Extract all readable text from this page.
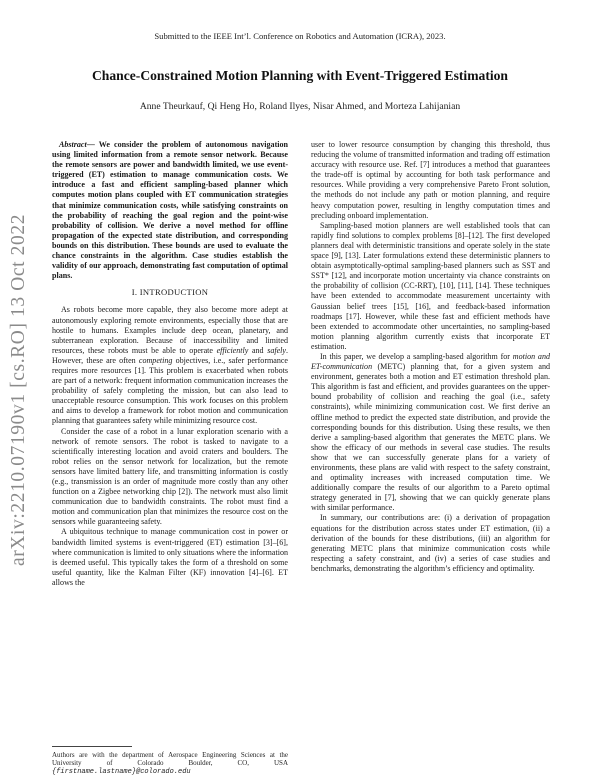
Submitted to the IEEE Int’l. Conference on Robotics and Automation (ICRA), 2023.
Chance-Constrained Motion Planning with Event-Triggered Estimation
Anne Theurkauf, Qi Heng Ho, Roland Ilyes, Nisar Ahmed, and Morteza Lahijanian
arXiv:2210.07190v1 [cs.RO] 13 Oct 2022

Abstract— We consider the problem of autonomous navigation using limited information from a remote sensor network. Because the remote sensors are power and bandwidth limited, we use event-triggered (ET) estimation to manage communication costs. We introduce a fast and efficient sampling-based planner which computes motion plans coupled with ET communication strategies that minimize communication costs, while satisfying constraints on the probability of reaching the goal region and the point-wise probability of collision. We derive a novel method for offline propagation of the expected state distribution, and corresponding bounds on this distribution. These bounds are used to evaluate the chance constraints in the algorithm. Case studies establish the validity of our approach, demonstrating fast computation of optimal plans.

I. INTRODUCTION

As robots become more capable, they also become more adept at autonomously exploring remote environments, especially those that are hostile to humans. Examples include deep ocean, planetary, and subterranean exploration. Because of inaccessibility and limited resources, these robots must be able to operate efficiently and safely. However, these are often competing objectives, i.e., safer performance requires more resources [1]. This problem is exacerbated when robots are part of a network: frequent information communication increases the probability of safely completing the mission, but can also lead to unacceptable resource consumption. This work focuses on this problem and aims to develop a framework for robot motion and communication planning that guarantees safety while minimizing resource cost.

Consider the case of a robot in a lunar exploration scenario with a network of remote sensors. The robot is tasked to navigate to a scientifically interesting location and avoid craters and boulders. The robot relies on the sensor network for localization, but the remote sensors have limited battery life, and transmitting information is costly (e.g., transmission is an order of magnitude more costly than any other function on a Zigbee networking chip [2]). The network must also limit communication due to bandwidth constraints. The robot must find a motion and communication plan that minimizes the resource cost on the sensors while guaranteeing safety.

A ubiquitous technique to manage communication cost in power or bandwidth limited systems is event-triggered (ET) estimation [3]–[6], where communication is limited to only situations where the information is deemed useful. This typically takes the form of a threshold on some useful quantity, like the Kalman Filter (KF) innovation [4]–[6]. ET allows the

Authors are with the department of Aerospace Engineering Sciences at the University of Colorado Boulder, CO, USA {firstname.lastname}@colorado.edu

user to lower resource consumption by changing this threshold, thus reducing the volume of transmitted information and trading off estimation accuracy with resource use. Ref. [7] introduces a method that guarantees the trade-off is optimal by accounting for both task performance and resources. While providing a very comprehensive Pareto Front solution, the methods do not include any path or motion planning, and require heavy computation power, resulting in lengthy computation times and precluding onboard implementation.

Sampling-based motion planners are well established tools that can rapidly find solutions to complex problems [8]–[12]. The first developed planners deal with deterministic transitions and operate solely in the state space [9], [13]. Later formulations extend these deterministic planners to obtain asymptotically-optimal sampling-based planners such as SST and SST* [12], and incorporate motion uncertainty via chance constraints on the probability of collision (CC-RRT), [10], [11], [14]. These techniques have been extended to accommodate measurement uncertainty with Gaussian belief trees [15], [16], and feedback-based information roadmaps [17]. However, while these fast and efficient methods have been extended to accommodate other uncertainties, no sampling-based motion planning algorithm currently exists that incorporate ET estimation.

In this paper, we develop a sampling-based algorithm for motion and ET-communication (METC) planning that, for a given system and environment, generates both a motion and ET estimation threshold plan. This algorithm is fast and efficient, and provides guarantees on the upper-bound probability of collision and reaching the goal (i.e., safety constraints), while minimizing communication cost. We first derive an offline method to predict the expected state distribution, and provide the corresponding bounds for this distribution. Using these results, we then derive a sampling-based algorithm that generates the METC plans. We show the efficacy of our methods in several case studies. The results show that we can successfully generate plans for a variety of environments, these plans are valid with respect to the safety constraint, and optimality increases with increased computation time. We additionally compare the results of our algorithm to a Pareto optimal strategy generated in [7], showing that we can quickly generate plans with similar performance.

In summary, our contributions are: (i) a derivation of propagation equations for the distribution across states under ET estimation, (ii) a derivation of the bounds for these distributions, (iii) an algorithm for generating METC plans that minimize communication costs while respecting a safety constraint, and (iv) a series of case studies and benchmarks, demonstrating the algorithm’s efficiency and optimality.
